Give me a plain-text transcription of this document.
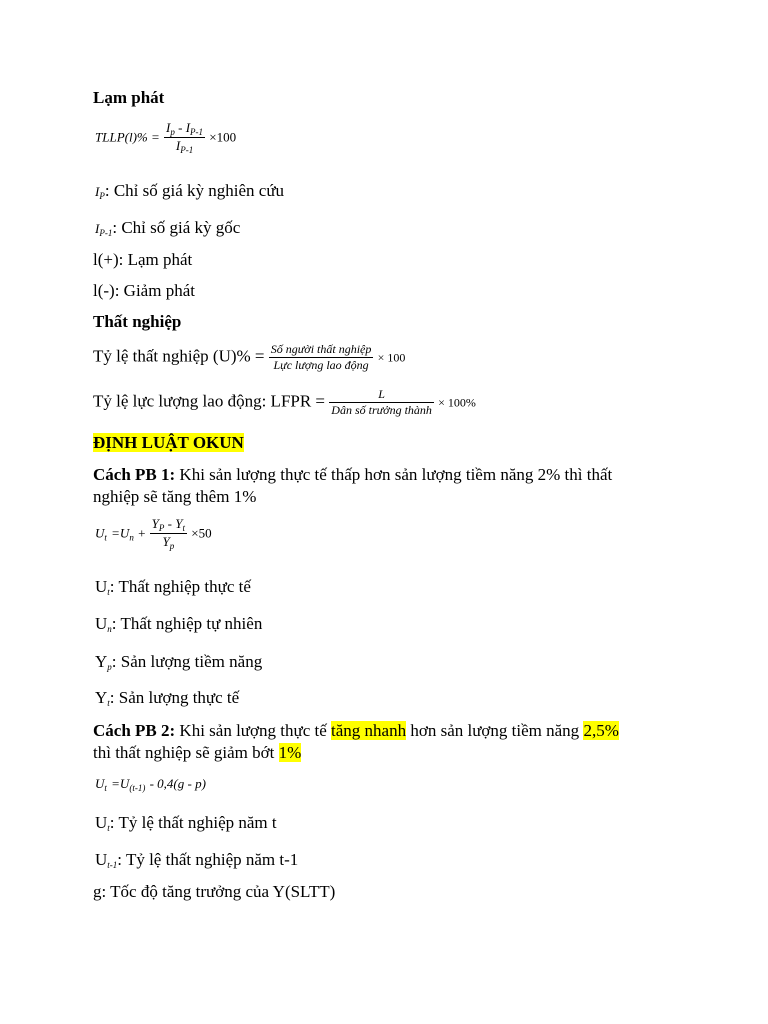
Lạm phát
TLLP(l)% = $\frac{I_p - I_{P-1}}{I_{P-1}} \times 100$
$I_P$: Chỉ số giá kỳ nghiên cứu
$I_{P-1}$: Chỉ số giá kỳ gốc
l(+): Lạm phát
l(-): Giảm phát
Thất nghiệp
Tỷ lệ thất nghiệp $(U)\% = \frac{\text{Số người thất nghiệp}}{\text{Lực lượng lao động}} \times 100$
Tỷ lệ lực lượng lao động: LFPR = $\frac{L}{\text{Dân số trưởng thành}} \times 100\%$
ĐỊNH LUẬT OKUN
Cách PB 1: Khi sản lượng thực tế thấp hơn sản lượng tiềm năng 2% thì thất
nghiệp sẽ tăng thêm 1%
$U_t =U_n + \frac{Y_P - Y_t}{Y_p} \times 50$
$U_t$: Thất nghiệp thực tế
$U_n$: Thất nghiệp tự nhiên
$Y_p$: Sản lượng tiềm năng
$Y_t$: Sản lượng thực tế
Cách PB 2: Khi sản lượng thực tế tăng nhanh hơn sản lượng tiềm năng 2,5%
thì thất nghiệp sẽ giảm bớt 1%
$U_t =U_{(t-1)} - 0,4(g - p)$
$U_t$: Tỷ lệ thất nghiệp năm t
$U_{t-1}$: Tỷ lệ thất nghiệp năm t-1
g: Tốc độ tăng trưởng của Y(SLTT)
